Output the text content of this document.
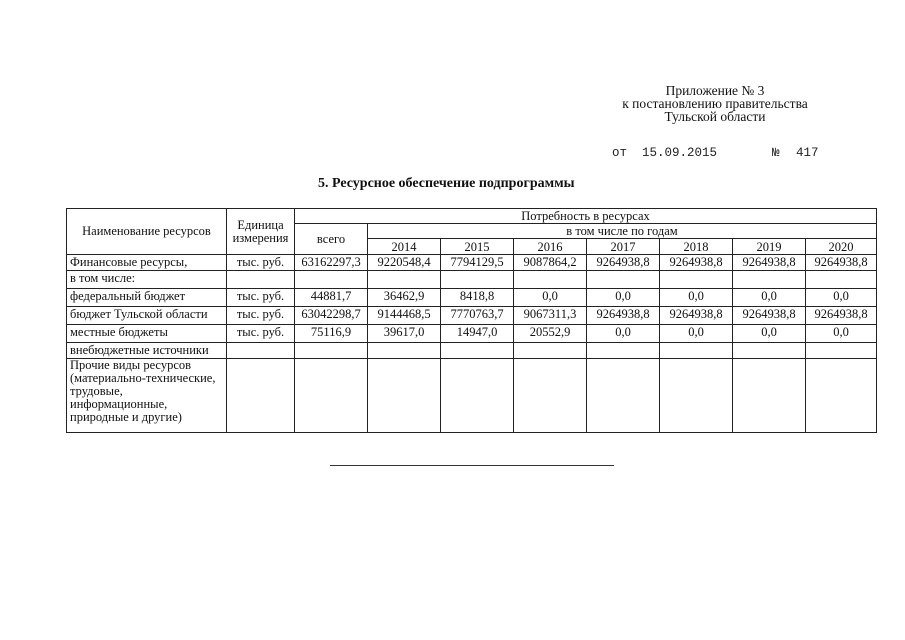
Приложение № 3
к постановлению правительства
Тульской области
от 15.09.2015	№ 417
5. Ресурсное обеспечение подпрограммы
Наименование ресурсов	Единица измерения	Потребность в ресурсах							
		всего	в том числе по годам						
			2014	2015	2016	2017	2018	2019	2020
Финансовые ресурсы,	тыс. руб.	63162297,3	9220548,4	7794129,5	9087864,2	9264938,8	9264938,8	9264938,8	9264938,8
в том числе:									
федеральный бюджет	тыс. руб.	44881,7	36462,9	8418,8	0,0	0,0	0,0	0,0	0,0
бюджет Тульской области	тыс. руб.	63042298,7	9144468,5	7770763,7	9067311,3	9264938,8	9264938,8	9264938,8	9264938,8
местные бюджеты	тыс. руб.	75116,9	39617,0	14947,0	20552,9	0,0	0,0	0,0	0,0
внебюджетные источники									
Прочие виды ресурсов (материально-технические, трудовые, информационные, природные и другие)									
